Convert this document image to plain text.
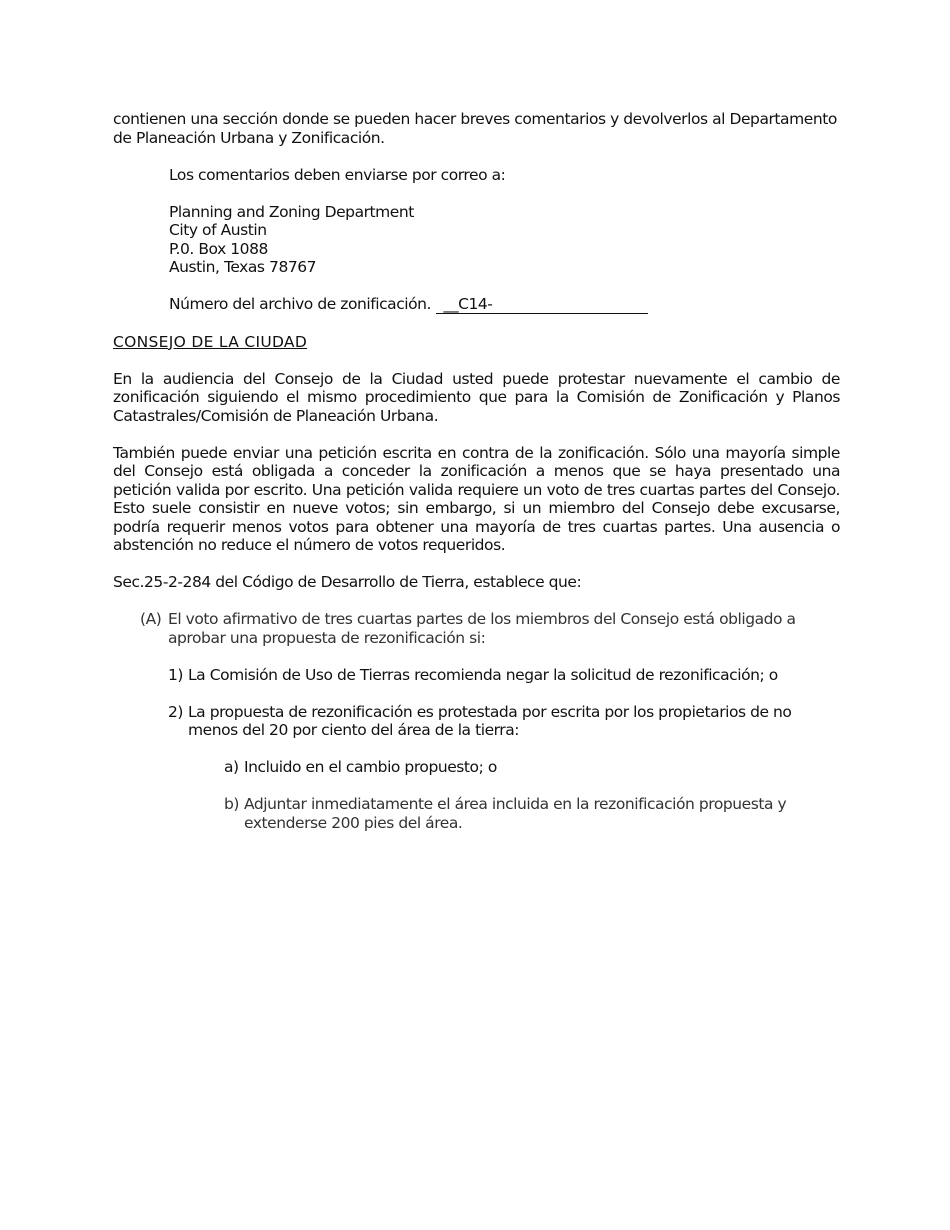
contienen una sección donde se pueden hacer breves comentarios y devolverlos al Departamento de Planeación Urbana y Zonificación.

Los comentarios deben enviarse por correo a:

Planning and Zoning Department
City of Austin
P.0. Box 1088
Austin, Texas 78767

Número del archivo de zonificación. __C14-

CONSEJO DE LA CIUDAD

En la audiencia del Consejo de la Ciudad usted puede protestar nuevamente el cambio de zonificación siguiendo el mismo procedimiento que para la Comisión de Zonificación y Planos Catastrales/Comisión de Planeación Urbana.

También puede enviar una petición escrita en contra de la zonificación. Sólo una mayoría simple del Consejo está obligada a conceder la zonificación a menos que se haya presentado una petición valida por escrito. Una petición valida requiere un voto de tres cuartas partes del Consejo. Esto suele consistir en nueve votos; sin embargo, si un miembro del Consejo debe excusarse, podría requerir menos votos para obtener una mayoría de tres cuartas partes. Una ausencia o abstención no reduce el número de votos requeridos.

Sec.25-2-284 del Código de Desarrollo de Tierra, establece que:

(A) El voto afirmativo de tres cuartas partes de los miembros del Consejo está obligado a aprobar una propuesta de rezonificación si:
1) La Comisión de Uso de Tierras recomienda negar la solicitud de rezonificación; o
2) La propuesta de rezonificación es protestada por escrita por los propietarios de no menos del 20 por ciento del área de la tierra:
a) Incluido en el cambio propuesto; o
b) Adjuntar inmediatamente el área incluida en la rezonificación propuesta y extenderse 200 pies del área.
